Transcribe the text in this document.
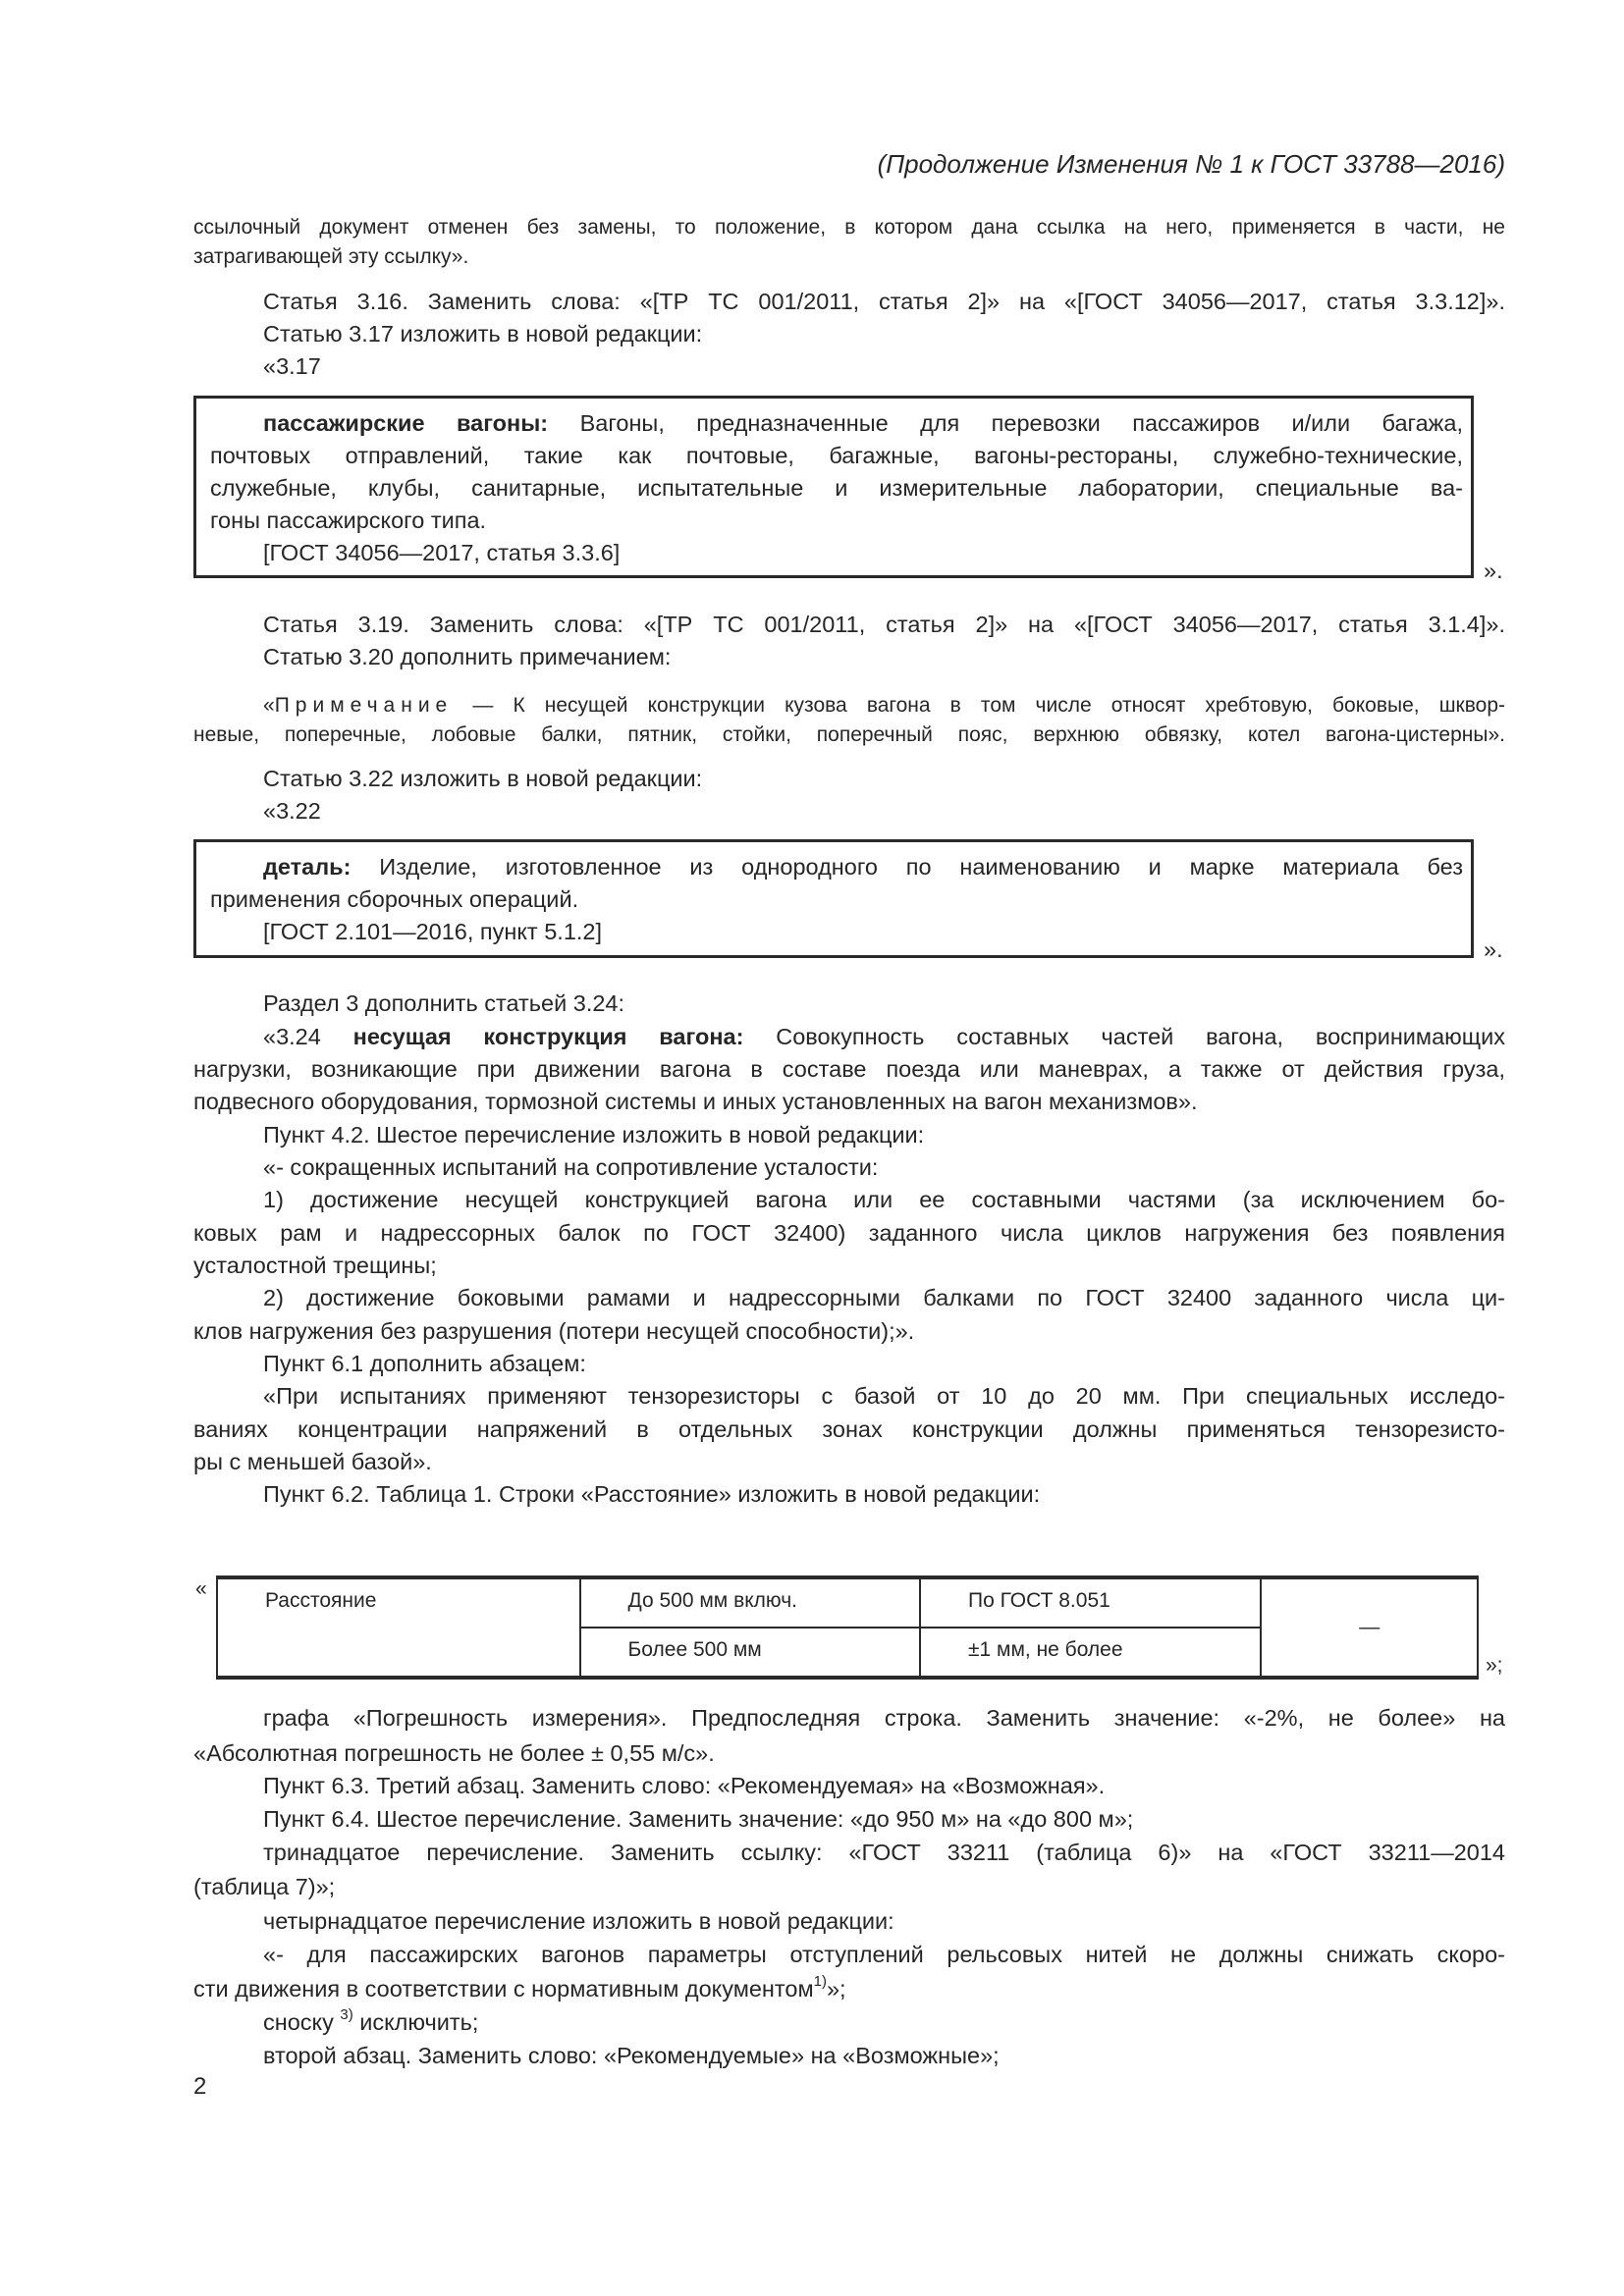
(Продолжение Изменения № 1 к ГОСТ 33788—2016)
ссылочный документ отменен без замены, то положение, в котором дана ссылка на него, применяется в части, не
затрагивающей эту ссылку».
Статья 3.16. Заменить слова: «[ТР ТС 001/2011, статья 2]» на «[ГОСТ 34056—2017, статья 3.3.12]».
Статью 3.17 изложить в новой редакции:
«3.17
пассажирские вагоны: Вагоны, предназначенные для перевозки пассажиров и/или багажа,
почтовых отправлений, такие как почтовые, багажные, вагоны-рестораны, служебно-технические,
служебные, клубы, санитарные, испытательные и измерительные лаборатории, специальные ва-
гоны пассажирского типа.
[ГОСТ 34056—2017, статья 3.3.6]
».
Статья 3.19. Заменить слова: «[ТР ТС 001/2011, статья 2]» на «[ГОСТ 34056—2017, статья 3.1.4]».
Статью 3.20 дополнить примечанием:
«Примечание — К несущей конструкции кузова вагона в том числе относят хребтовую, боковые, шквор-
невые, поперечные, лобовые балки, пятник, стойки, поперечный пояс, верхнюю обвязку, котел вагона-цистерны».
Статью 3.22 изложить в новой редакции:
«3.22
деталь: Изделие, изготовленное из однородного по наименованию и марке материала без
применения сборочных операций.
[ГОСТ 2.101—2016, пункт 5.1.2]
».
Раздел 3 дополнить статьей 3.24:
«3.24 несущая конструкция вагона: Совокупность составных частей вагона, воспринимающих
нагрузки, возникающие при движении вагона в составе поезда или маневрах, а также от действия груза,
подвесного оборудования, тормозной системы и иных установленных на вагон механизмов».
Пункт 4.2. Шестое перечисление изложить в новой редакции:
«- сокращенных испытаний на сопротивление усталости:
1) достижение несущей конструкцией вагона или ее составными частями (за исключением бо-
ковых рам и надрессорных балок по ГОСТ 32400) заданного числа циклов нагружения без появления
усталостной трещины;
2) достижение боковыми рамами и надрессорными балками по ГОСТ 32400 заданного числа ци-
клов нагружения без разрушения (потери несущей способности);».
Пункт 6.1 дополнить абзацем:
«При испытаниях применяют тензорезисторы с базой от 10 до 20 мм. При специальных исследо-
ваниях концентрации напряжений в отдельных зонах конструкции должны применяться тензорезисто-
ры с меньшей базой».
Пункт 6.2. Таблица 1. Строки «Расстояние» изложить в новой редакции:
«
Расстояние	До 500 мм включ.	По ГОСТ 8.051	—

	Более 500 мм	±1 мм, не более	
»;
графа «Погрешность измерения». Предпоследняя строка. Заменить значение: «-2%, не более» на
«Абсолютная погрешность не более ± 0,55 м/с».
Пункт 6.3. Третий абзац. Заменить слово: «Рекомендуемая» на «Возможная».
Пункт 6.4. Шестое перечисление. Заменить значение: «до 950 м» на «до 800 м»;
тринадцатое перечисление. Заменить ссылку: «ГОСТ 33211 (таблица 6)» на «ГОСТ 33211—2014
(таблица 7)»;
четырнадцатое перечисление изложить в новой редакции:
«- для пассажирских вагонов параметры отступлений рельсовых нитей не должны снижать скоро-
сти движения в соответствии с нормативным документом$^{1)}$»;
сноску $^{3)}$ исключить;
второй абзац. Заменить слово: «Рекомендуемые» на «Возможные»;
2
